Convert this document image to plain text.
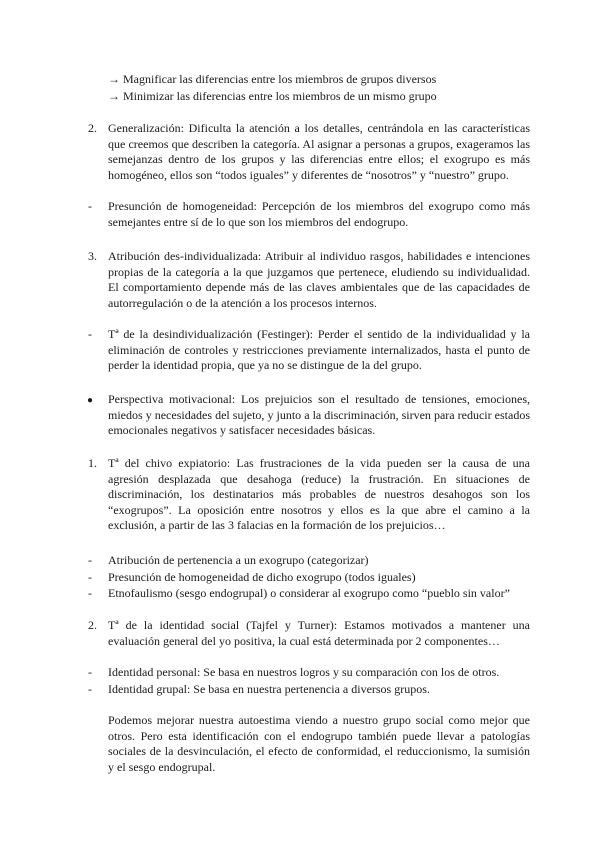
→ Magnificar las diferencias entre los miembros de grupos diversos
→ Minimizar las diferencias entre los miembros de un mismo grupo
2. Generalización: Dificulta la atención a los detalles, centrándola en las características que creemos que describen la categoría. Al asignar a personas a grupos, exageramos las semejanzas dentro de los grupos y las diferencias entre ellos; el exogrupo es más homogéneo, ellos son “todos iguales” y diferentes de “nosotros” y “nuestro” grupo.

-	Presunción de homogeneidad: Percepción de los miembros del exogrupo como más semejantes entre sí de lo que son los miembros del endogrupo.

3. Atribución des-individualizada: Atribuir al individuo rasgos, habilidades e intenciones propias de la categoría a la que juzgamos que pertenece, eludiendo su individualidad. El comportamiento depende más de las claves ambientales que de las capacidades de autorregulación o de la atención a los procesos internos.

-	Tª de la desindividualización (Festinger): Perder el sentido de la individualidad y la eliminación de controles y restricciones previamente internalizados, hasta el punto de perder la identidad propia, que ya no se distingue de la del grupo.

●	Perspectiva motivacional: Los prejuicios son el resultado de tensiones, emociones, miedos y necesidades del sujeto, y junto a la discriminación, sirven para reducir estados emocionales negativos y satisfacer necesidades básicas.

1. Tª del chivo expiatorio: Las frustraciones de la vida pueden ser la causa de una agresión desplazada que desahoga (reduce) la frustración. En situaciones de discriminación, los destinatarios más probables de nuestros desahogos son los “exogrupos”. La oposición entre nosotros y ellos es la que abre el camino a la exclusión, a partir de las 3 falacias en la formación de los prejuicios…

-	Atribución de pertenencia a un exogrupo (categorizar)
-	Presunción de homogeneidad de dicho exogrupo (todos iguales)
-	Etnofaulismo (sesgo endogrupal) o considerar al exogrupo como “pueblo sin valor”
2. Tª de la identidad social (Tajfel y Turner): Estamos motivados a mantener una evaluación general del yo positiva, la cual está determinada por 2 componentes…

-	Identidad personal: Se basa en nuestros logros y su comparación con los de otros.
-	Identidad grupal: Se basa en nuestra pertenencia a diversos grupos.

Podemos mejorar nuestra autoestima viendo a nuestro grupo social como mejor que otros. Pero esta identificación con el endogrupo también puede llevar a patologías sociales de la desvinculación, el efecto de conformidad, el reduccionismo, la sumisión y el sesgo endogrupal.
